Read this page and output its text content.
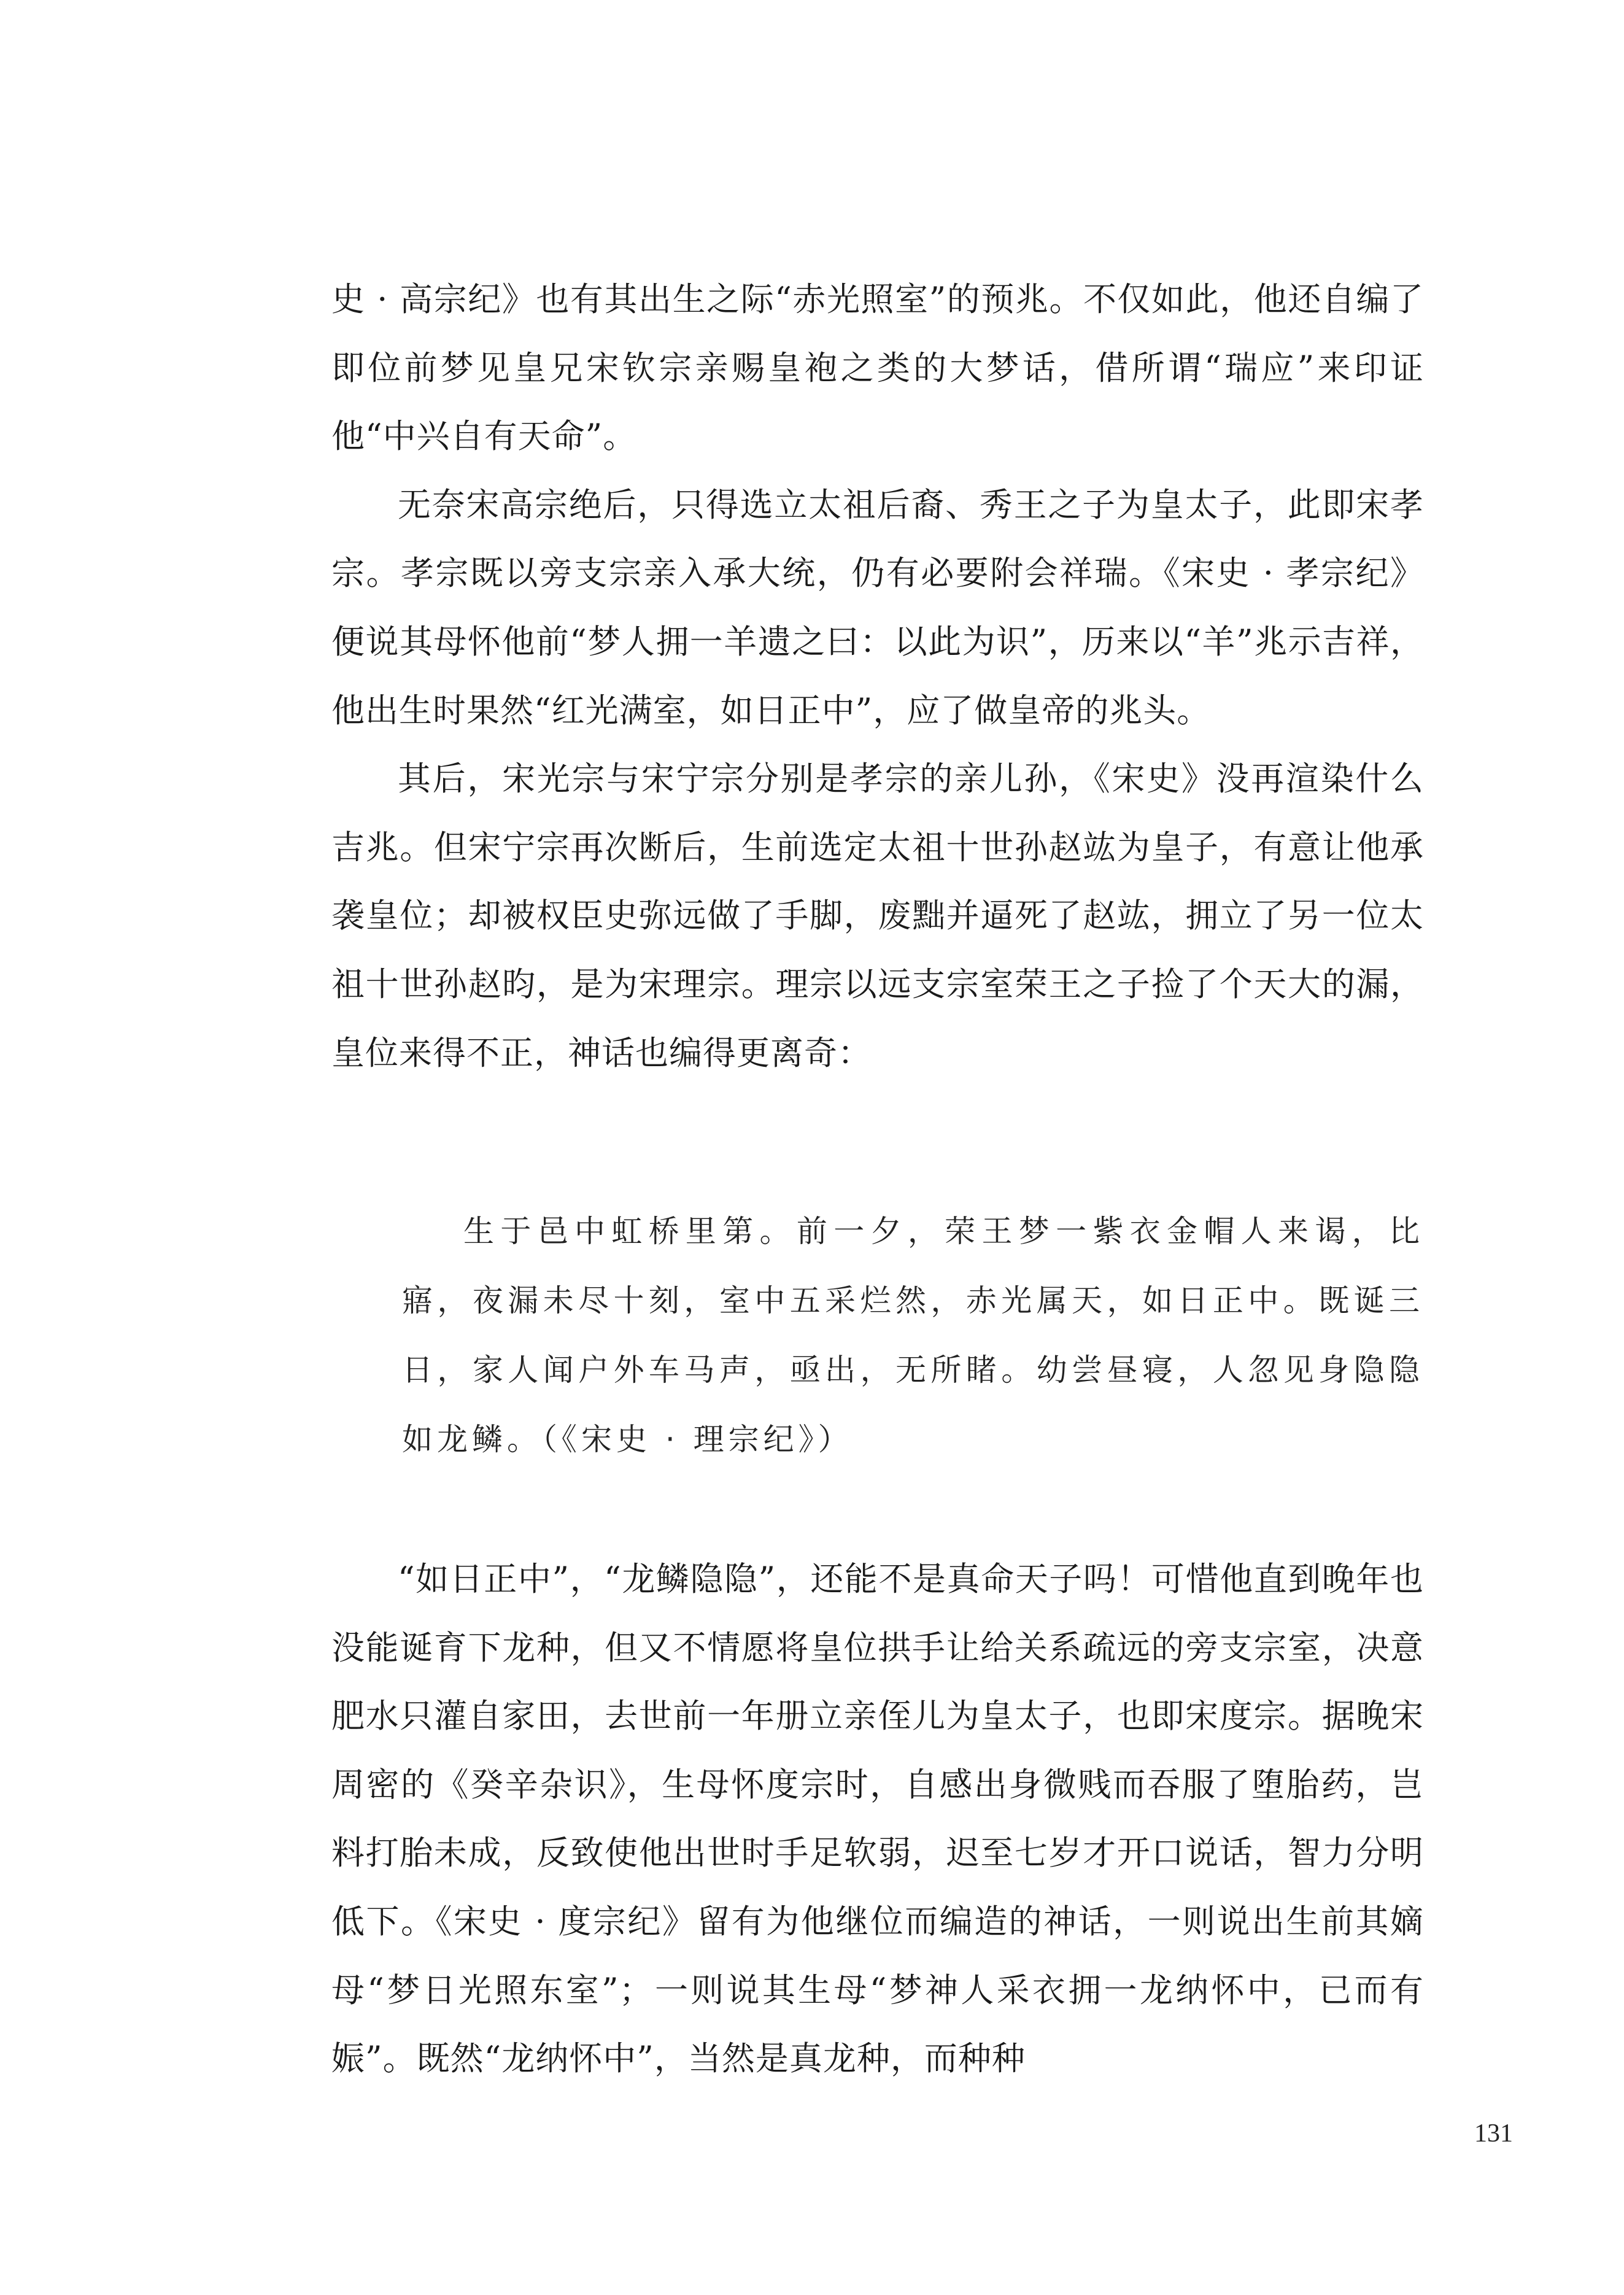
史 · 高宗纪》也有其出生之际“赤光照室”的预兆。不仅如此，他还自编了即位前梦见皇兄宋钦宗亲赐皇袍之类的大梦话，借所谓“瑞应”来印证他“中兴自有天命”。

无奈宋高宗绝后，只得选立太祖后裔、秀王之子为皇太子，此即宋孝宗。孝宗既以旁支宗亲入承大统，仍有必要附会祥瑞。《宋史 · 孝宗纪》便说其母怀他前“梦人拥一羊遗之曰：以此为识”，历来以“羊”兆示吉祥，他出生时果然“红光满室，如日正中”，应了做皇帝的兆头。

其后，宋光宗与宋宁宗分别是孝宗的亲儿孙，《宋史》没再渲染什么吉兆。但宋宁宗再次断后，生前选定太祖十世孙赵竑为皇子，有意让他承袭皇位；却被权臣史弥远做了手脚，废黜并逼死了赵竑，拥立了另一位太祖十世孙赵昀，是为宋理宗。理宗以远支宗室荣王之子捡了个天大的漏，皇位来得不正，神话也编得更离奇：

生于邑中虹桥里第。前一夕，荣王梦一紫衣金帽人来谒，比寤，夜漏未尽十刻，室中五采烂然，赤光属天，如日正中。既诞三日，家人闻户外车马声，亟出，无所睹。幼尝昼寝，人忽见身隐隐如龙鳞。（《宋史 · 理宗纪》）

“如日正中”，“龙鳞隐隐”，还能不是真命天子吗！可惜他直到晚年也没能诞育下龙种，但又不情愿将皇位拱手让给关系疏远的旁支宗室，决意肥水只灌自家田，去世前一年册立亲侄儿为皇太子，也即宋度宗。据晚宋周密的《癸辛杂识》，生母怀度宗时，自感出身微贱而吞服了堕胎药，岂料打胎未成，反致使他出世时手足软弱，迟至七岁才开口说话，智力分明低下。《宋史 · 度宗纪》留有为他继位而编造的神话，一则说出生前其嫡母“梦日光照东室”；一则说其生母“梦神人采衣拥一龙纳怀中，已而有娠”。既然“龙纳怀中”，当然是真龙种，而种种

131
